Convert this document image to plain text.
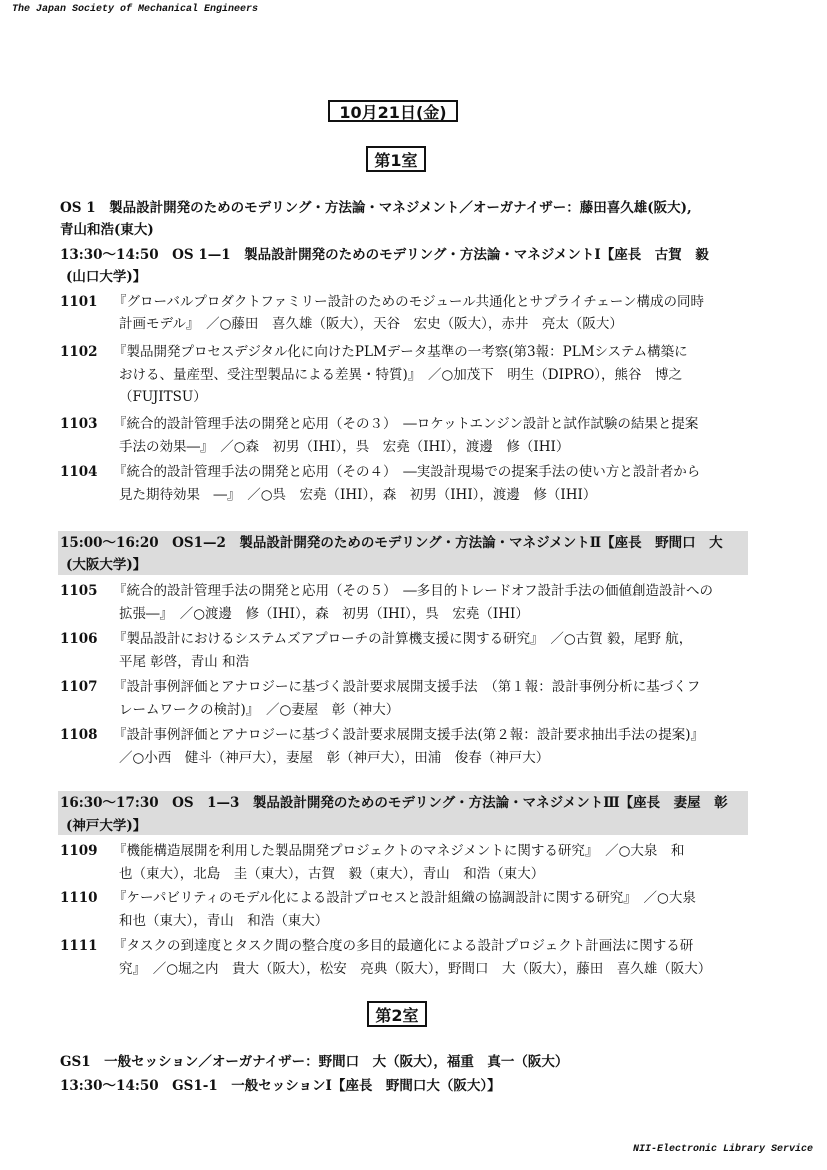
The Japan Society of Mechanical Engineers
10月21日(金)
第1室
OS 1　製品設計開発のためのモデリング・方法論・マネジメント／オーガナイザー：藤田喜久雄(阪大),
青山和浩(東大)
13:30〜14:50　OS 1—1　製品設計開発のためのモデリング・方法論・マネジメントⅠ【座長　古賀　毅
(山口大学)】
1101 『グローバルプロダクトファミリー設計のためのモジュール共通化とサプライチェーン構成の同時
計画モデル』　／○藤田　喜久雄（阪大），天谷　宏史（阪大），赤井　亮太（阪大）
1102 『製品開発プロセスデジタル化に向けたPLMデータ基準の一考察(第3報：PLMシステム構築に
おける、量産型、受注型製品による差異・特質)』　／○加茂下　明生（DIPRO），熊谷　博之
（FUJITSU）
1103 『統合的設計管理手法の開発と応用（その３）　―ロケットエンジン設計と試作試験の結果と提案
手法の効果―』　／○森　初男（IHI），呉　宏堯（IHI），渡邊　修（IHI）
1104 『統合的設計管理手法の開発と応用（その４）　―実設計現場での提案手法の使い方と設計者から
見た期待効果　―』　／○呉　宏堯（IHI），森　初男（IHI），渡邊　修（IHI）
15:00〜16:20　OS1—2　製品設計開発のためのモデリング・方法論・マネジメントⅡ【座長　野間口　大
(大阪大学)】
1105 『統合的設計管理手法の開発と応用（その５）　―多目的トレードオフ設計手法の価値創造設計への
拡張―』　／○渡邊　修（IHI），森　初男（IHI），呉　宏堯（IHI）
1106 『製品設計におけるシステムズアプローチの計算機支援に関する研究』　／○古賀 毅，尾野 航，
平尾 彰啓，青山 和浩
1107 『設計事例評価とアナロジーに基づく設計要求展開支援手法　（第１報：設計事例分析に基づくフ
レームワークの検討)』　／○妻屋　彰（神大）
1108 『設計事例評価とアナロジーに基づく設計要求展開支援手法(第２報：設計要求抽出手法の提案)』
／○小西　健斗（神戸大），妻屋　彰（神戸大），田浦　俊春（神戸大）
16:30〜17:30　OS　1—3　製品設計開発のためのモデリング・方法論・マネジメントⅢ【座長　妻屋　彰
(神戸大学)】
1109 『機能構造展開を利用した製品開発プロジェクトのマネジメントに関する研究』　／○大泉　和
也（東大），北島　圭（東大），古賀　毅（東大），青山　和浩（東大）
1110 『ケーパビリティのモデル化による設計プロセスと設計組織の協調設計に関する研究』　／○大泉
和也（東大），青山　和浩（東大）
1111 『タスクの到達度とタスク間の整合度の多目的最適化による設計プロジェクト計画法に関する研
究』　／○堀之内　貴大（阪大），松安　亮典（阪大），野間口　大（阪大），藤田　喜久雄（阪大）
第2室
GS1　一般セッション／オーガナイザー：野間口　大（阪大），福重　真一（阪大）
13:30〜14:50　GS1-1　一般セッションⅠ【座長　野間口大（阪大）】
NII-Electronic Library Service
